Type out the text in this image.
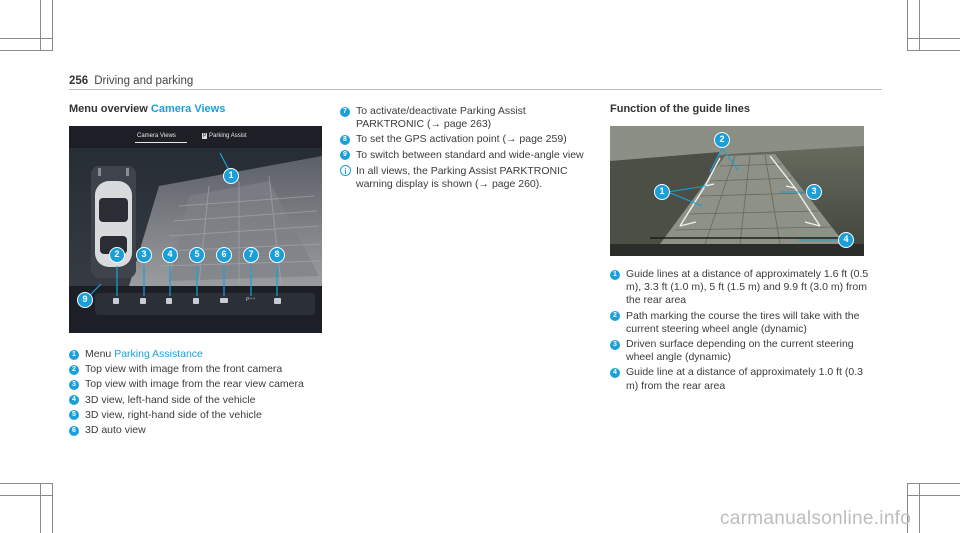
256 Driving and parking
Menu overview Camera Views
Camera Views	P Parking Assist
P⁺⁺
1
2	3	4	5	6	7	8
9
1 Menu Parking Assistance
2 Top view with image from the front camera
3 Top view with image from the rear view camera
4 3D view, left-hand side of the vehicle
5 3D view, right-hand side of the vehicle
6 3D auto view
7 To activate/deactivate Parking Assist PARKTRONIC (→ page 263)
8 To set the GPS activation point (→ page 259)
9 To switch between standard and wide-angle view
i In all views, the Parking Assist PARKTRONIC warning display is shown (→ page 260).
Function of the guide lines
1
2
3
4
1 Guide lines at a distance of approximately 1.6 ft (0.5 m), 3.3 ft (1.0 m), 5 ft (1.5 m) and 9.9 ft (3.0 m) from the rear area
2 Path marking the course the tires will take with the current steering wheel angle (dynamic)
3 Driven surface depending on the current steering wheel angle (dynamic)
4 Guide line at a distance of approximately 1.0 ft (0.3 m) from the rear area
carmanualsonline.info
